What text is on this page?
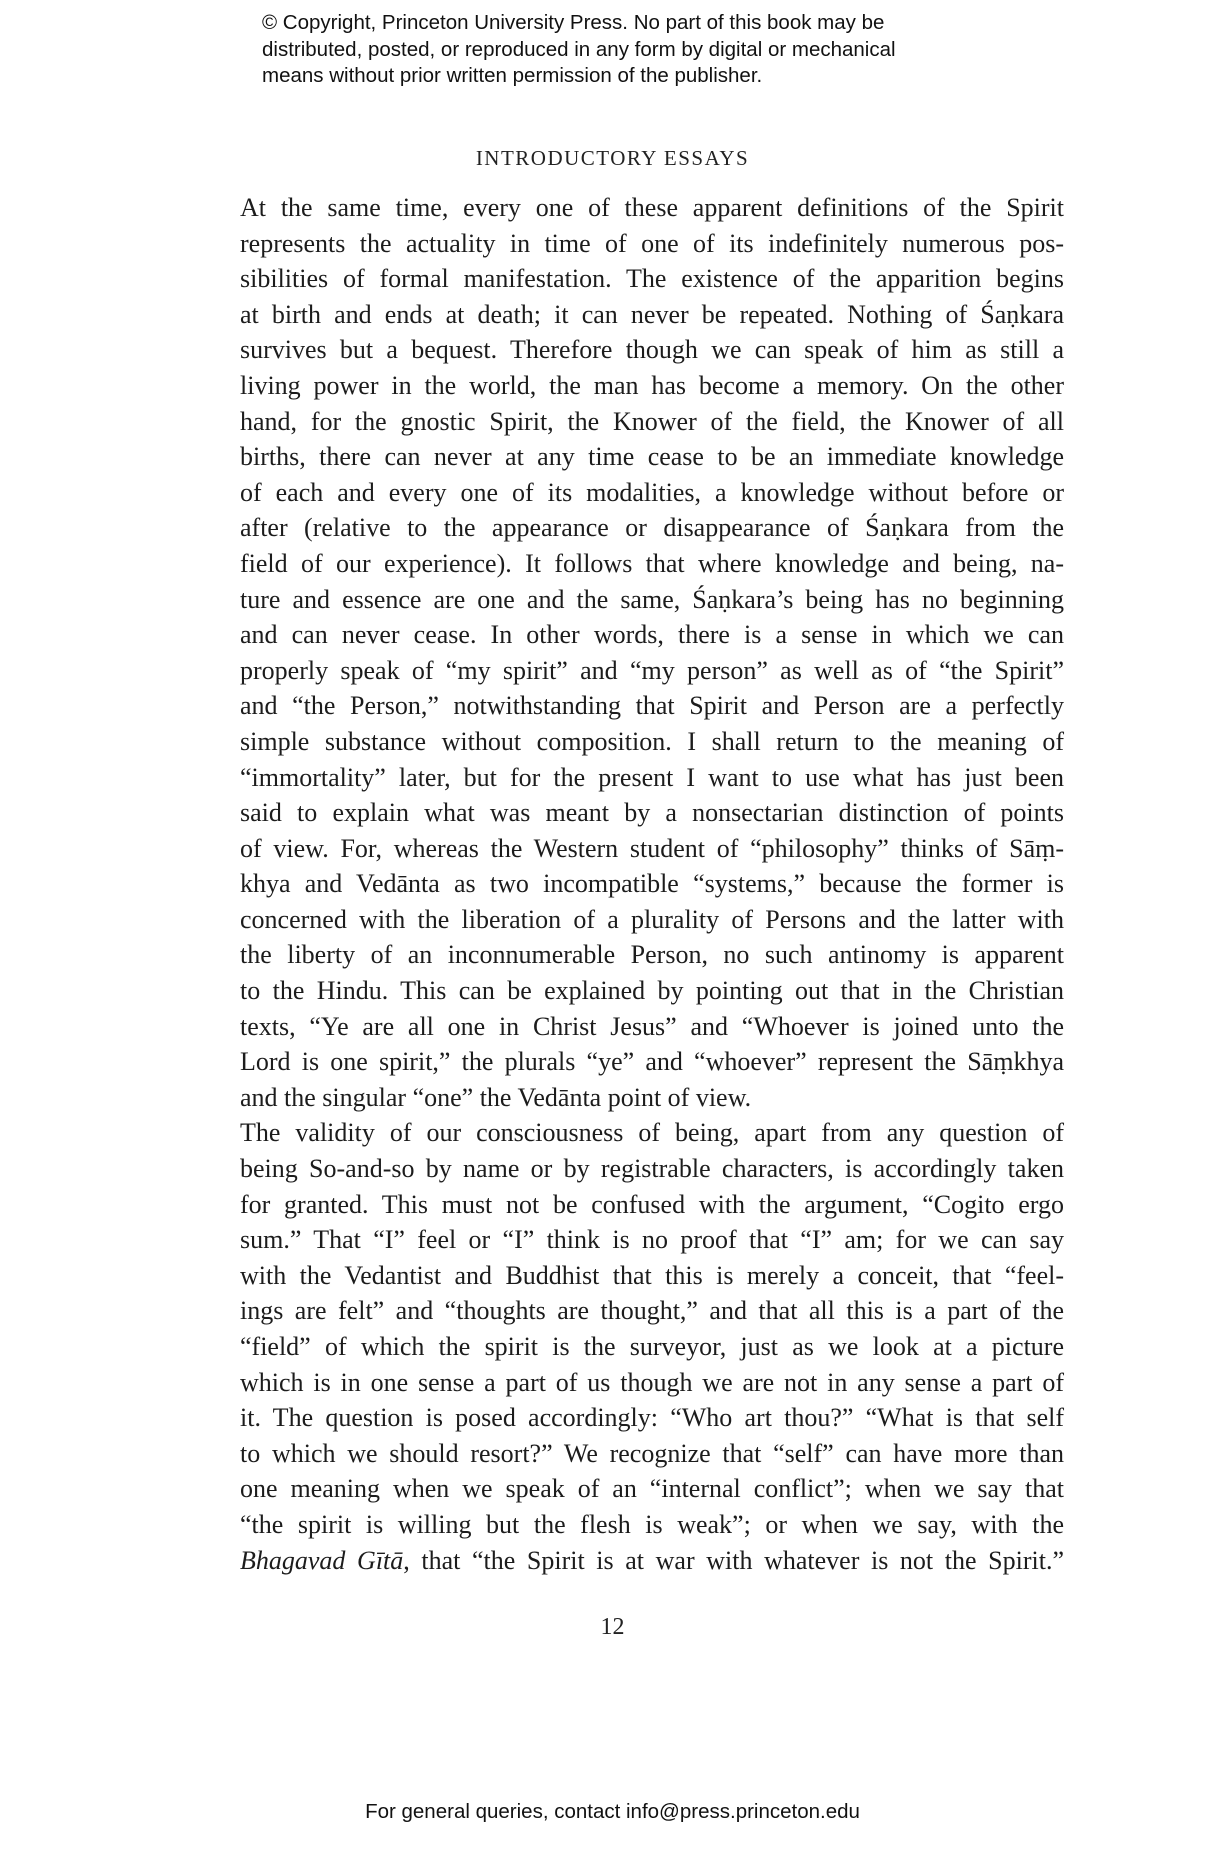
© Copyright, Princeton University Press. No part of this book may be
distributed, posted, or reproduced in any form by digital or mechanical
means without prior written permission of the publisher.
INTRODUCTORY ESSAYS

At the same time, every one of these apparent definitions of the Spirit
represents the actuality in time of one of its indefinitely numerous pos-
sibilities of formal manifestation. The existence of the apparition begins
at birth and ends at death; it can never be repeated. Nothing of Śaṇkara
survives but a bequest. Therefore though we can speak of him as still a
living power in the world, the man has become a memory. On the other
hand, for the gnostic Spirit, the Knower of the field, the Knower of all
births, there can never at any time cease to be an immediate knowledge
of each and every one of its modalities, a knowledge without before or
after (relative to the appearance or disappearance of Śaṇkara from the
field of our experience). It follows that where knowledge and being, na-
ture and essence are one and the same, Śaṇkara’s being has no beginning
and can never cease. In other words, there is a sense in which we can
properly speak of “my spirit” and “my person” as well as of “the Spirit”
and “the Person,” notwithstanding that Spirit and Person are a perfectly
simple substance without composition. I shall return to the meaning of
“immortality” later, but for the present I want to use what has just been
said to explain what was meant by a nonsectarian distinction of points
of view. For, whereas the Western student of “philosophy” thinks of Sāṃ-
khya and Vedānta as two incompatible “systems,” because the former is
concerned with the liberation of a plurality of Persons and the latter with
the liberty of an inconnumerable Person, no such antinomy is apparent
to the Hindu. This can be explained by pointing out that in the Christian
texts, “Ye are all one in Christ Jesus” and “Whoever is joined unto the
Lord is one spirit,” the plurals “ye” and “whoever” represent the Sāṃkhya
and the singular “one” the Vedānta point of view.

The validity of our consciousness of being, apart from any question of
being So-and-so by name or by registrable characters, is accordingly taken
for granted. This must not be confused with the argument, “Cogito ergo
sum.” That “I” feel or “I” think is no proof that “I” am; for we can say
with the Vedantist and Buddhist that this is merely a conceit, that “feel-
ings are felt” and “thoughts are thought,” and that all this is a part of the
“field” of which the spirit is the surveyor, just as we look at a picture
which is in one sense a part of us though we are not in any sense a part of
it. The question is posed accordingly: “Who art thou?” “What is that self
to which we should resort?” We recognize that “self” can have more than
one meaning when we speak of an “internal conflict”; when we say that
“the spirit is willing but the flesh is weak”; or when we say, with the
Bhagavad Gītā, that “the Spirit is at war with whatever is not the Spirit.”

12
For general queries, contact info@press.princeton.edu
